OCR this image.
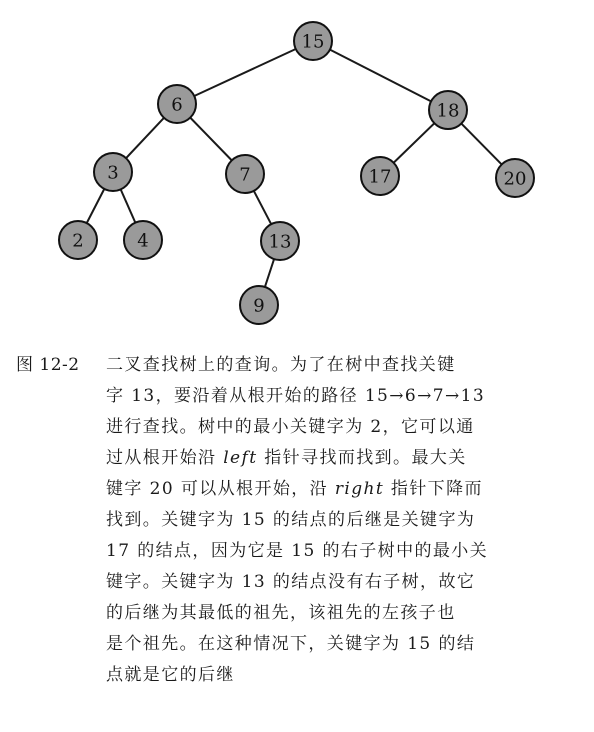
15
6	18
3	7	17	20
2	4	13
9
图 12-2 二叉查找树上的查询。为了在树中查找关键
字 13，要沿着从根开始的路径 15→6→7→13
进行查找。树中的最小关键字为 2，它可以通
过从根开始沿 left 指针寻找而找到。最大关
键字 20 可以从根开始，沿 right 指针下降而
找到。关键字为 15 的结点的后继是关键字为
17 的结点，因为它是 15 的右子树中的最小关
键字。关键字为 13 的结点没有右子树，故它
的后继为其最低的祖先，该祖先的左孩子也
是个祖先。在这种情况下，关键字为 15 的结
点就是它的后继
